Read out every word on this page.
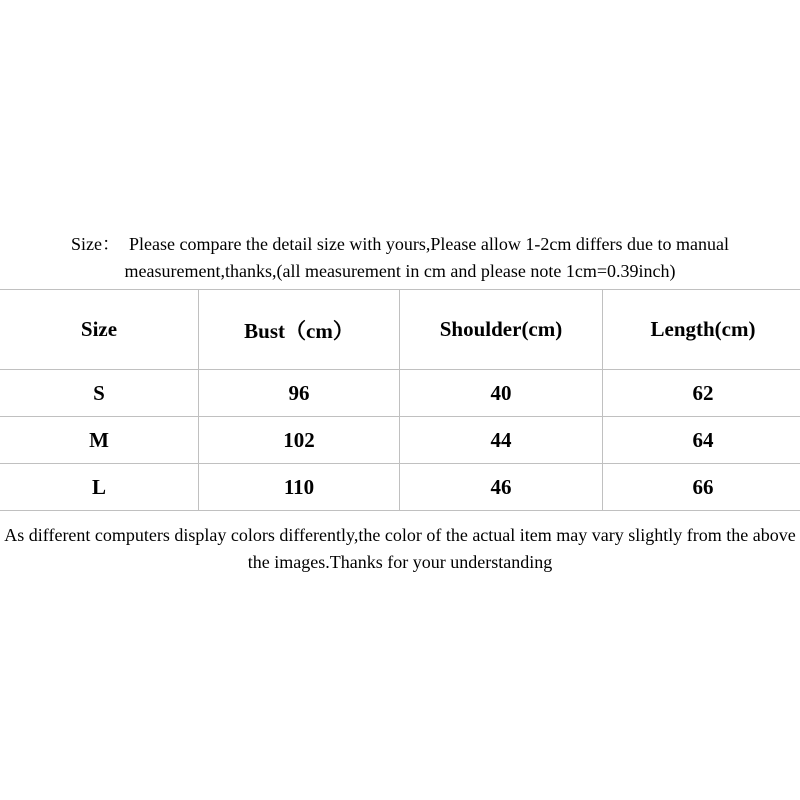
Size：  Please compare the detail size with yours,Please allow 1-2cm differs due to manual
measurement,thanks,(all measurement in cm and please note 1cm=0.39inch)
Size	Bust（cm）	Shoulder(cm)	Length(cm)
S	96	40	62
M	102	44	64
L	110	46	66
As different computers display colors differently,the color of the actual item may vary slightly from the above
the images.Thanks for your understanding
